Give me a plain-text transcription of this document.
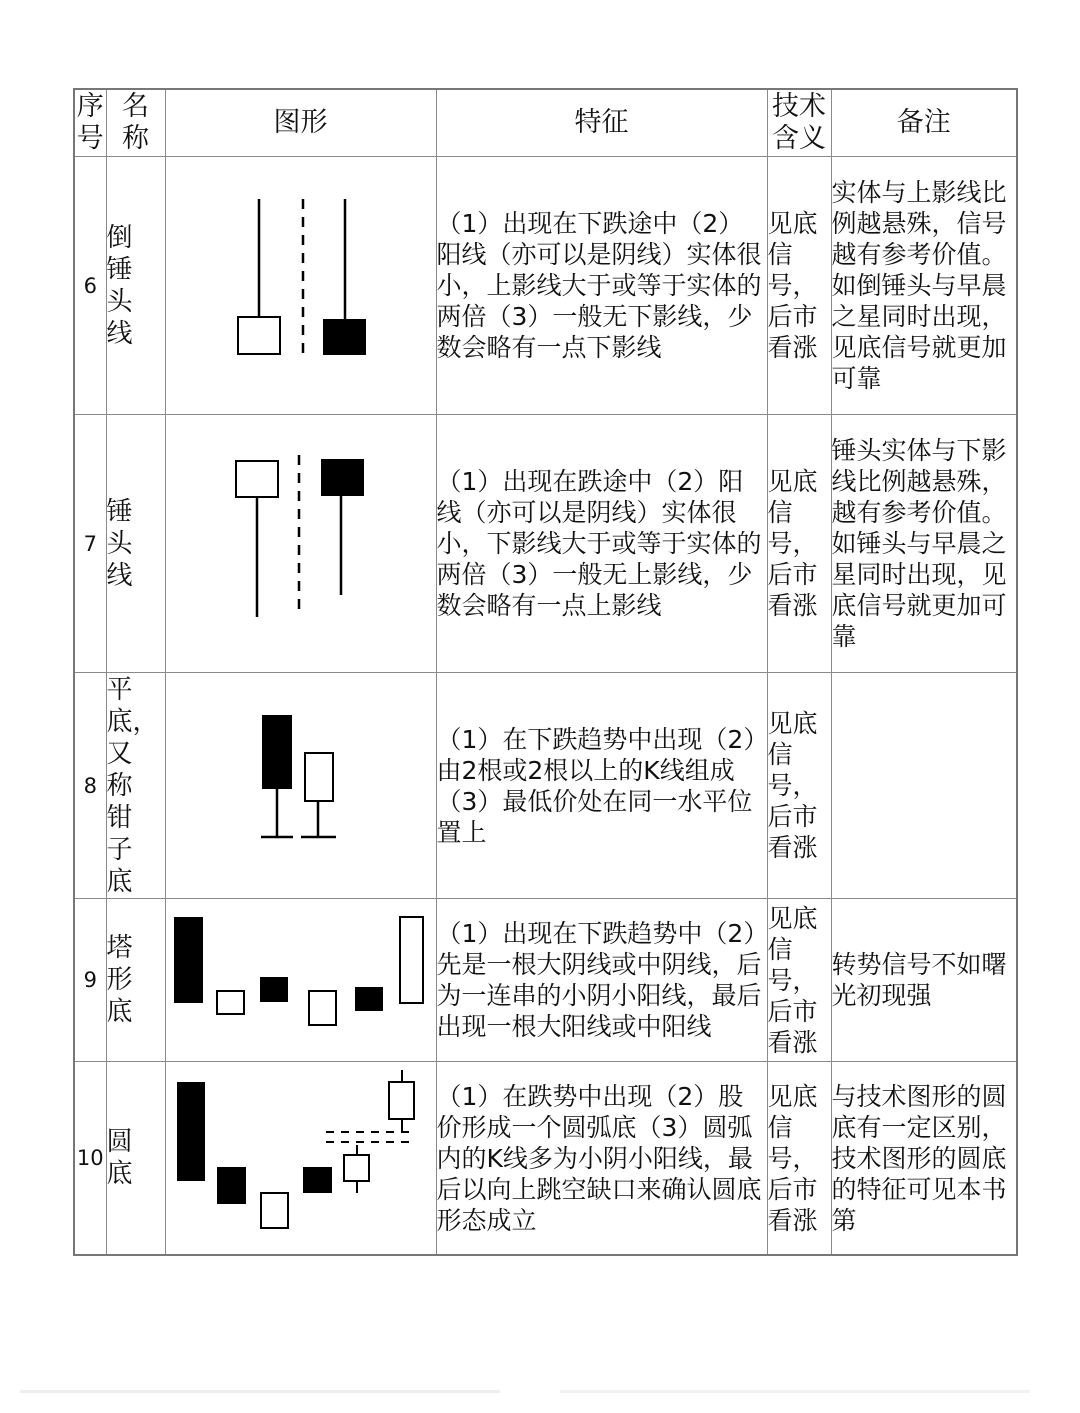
序号	名称	图形	特征	技术含义	备注
6	倒锤头线		（1）出现在下跌途中（2）阳线（亦可以是阴线）实体很小，上影线大于或等于实体的两倍（3）一般无下影线，少数会略有一点下影线	见底信号，后市看涨	实体与上影线比例越悬殊，信号越有参考价值。如倒锤头与早晨之星同时出现，见底信号就更加可靠
7	锤头线		（1）出现在跌途中（2）阳线（亦可以是阴线）实体很小，下影线大于或等于实体的两倍（3）一般无上影线，少数会略有一点上影线	见底信号，后市看涨	锤头实体与下影线比例越悬殊，越有参考价值。如锤头与早晨之星同时出现，见底信号就更加可靠
8	平底，又称钳子底		（1）在下跌趋势中出现（2）由2根或2根以上的K线组成（3）最低价处在同一水平位置上	见底信号，后市看涨	

9	塔形底		（1）出现在下跌趋势中（2）先是一根大阴线或中阴线，后为一连串的小阴小阳线，最后出现一根大阳线或中阳线	见底信号，后市看涨	转势信号不如曙光初现强
10	圆底		（1）在跌势中出现（2）股价形成一个圆弧底（3）圆弧内的K线多为小阴小阳线，最后以向上跳空缺口来确认圆底形态成立	见底信号，后市看涨	与技术图形的圆底有一定区别，技术图形的圆底的特征可见本书第
